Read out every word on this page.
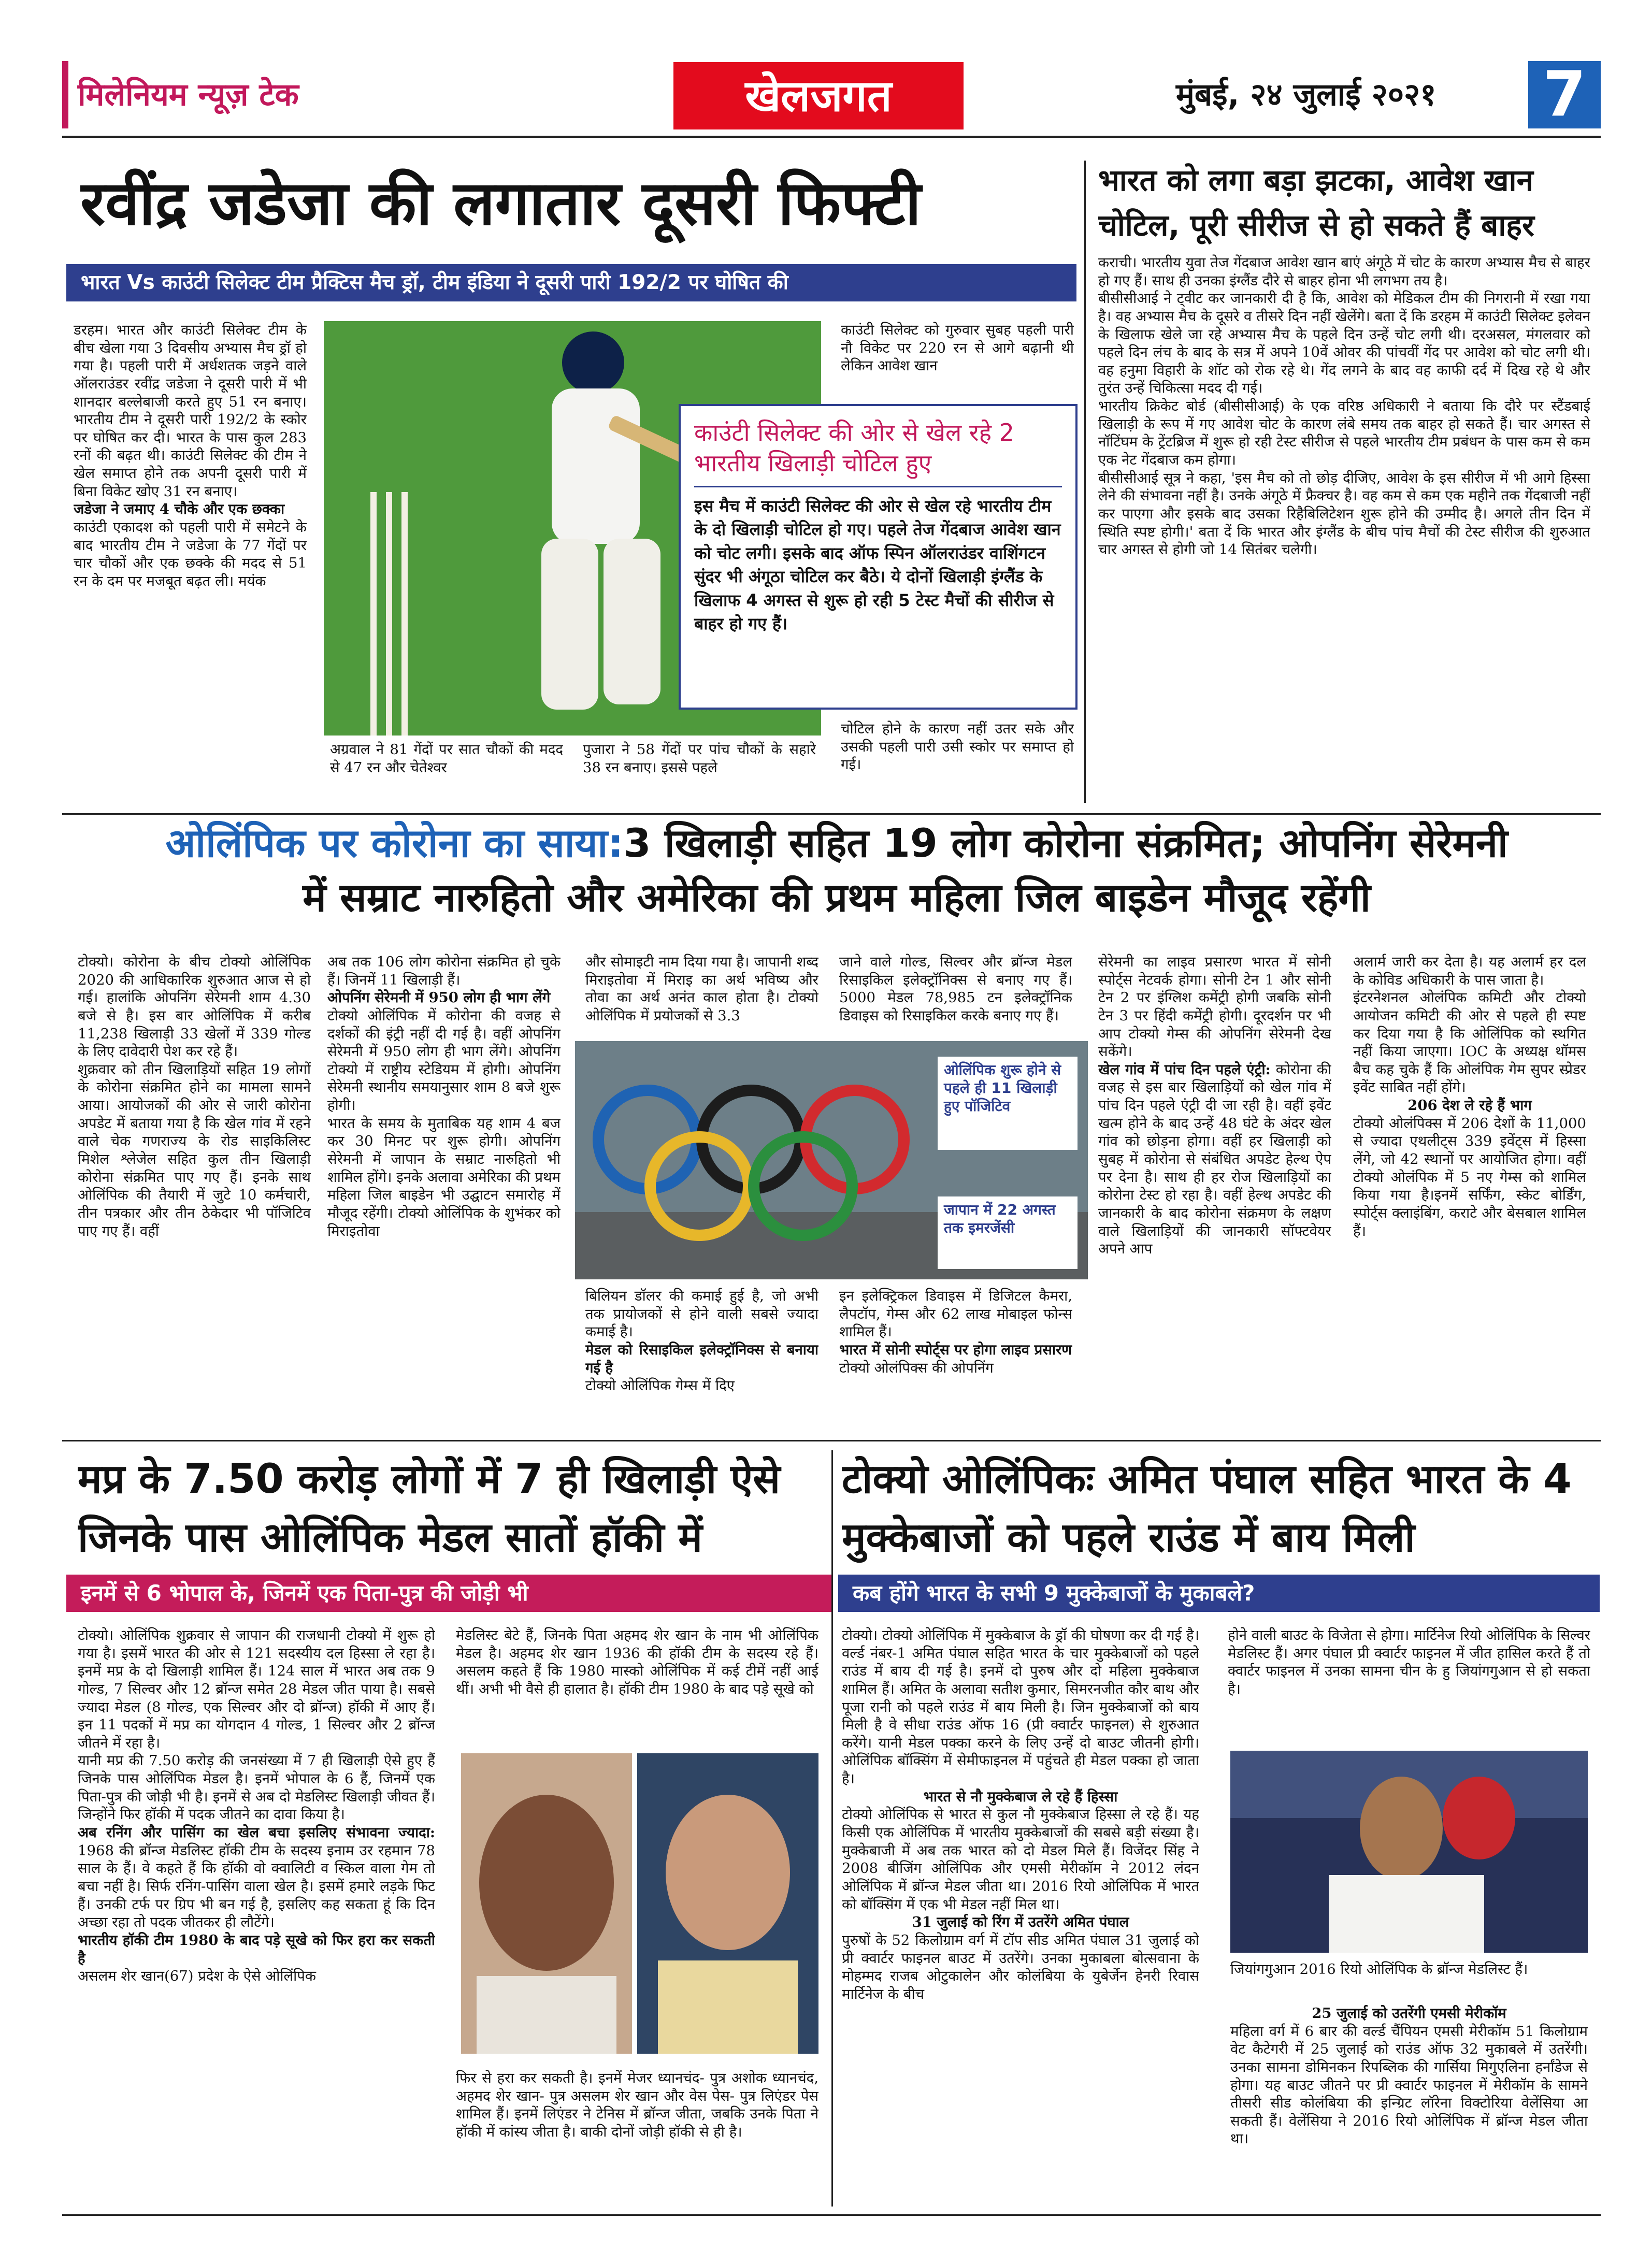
मिलेनियम न्यूज़ टेक	खेलजगत	मुंबई, २४ जुलाई २०२१	7
रवींद्र जडेजा की लगातार दूसरी फिफ्टी
भारत Vs काउंटी सिलेक्ट टीम प्रैक्टिस मैच ड्रॉ, टीम इंडिया ने दूसरी पारी 192/2 पर घोषित की

डरहम। भारत और काउंटी सिलेक्ट टीम के बीच खेला गया 3 दिवसीय अभ्यास मैच ड्रॉ हो गया है। पहली पारी में अर्धशतक जड़ने वाले ऑलराउंडर रवींद्र जडेजा ने दूसरी पारी में भी शानदार बल्लेबाजी करते हुए 51 रन बनाए। भारतीय टीम ने दूसरी पारी 192/2 के स्कोर पर घोषित कर दी। भारत के पास कुल 283 रनों की बढ़त थी। काउंटी सिलेक्ट की टीम ने खेल समाप्त होने तक अपनी दूसरी पारी में बिना विकेट खोए 31 रन बनाए।

जडेजा ने जमाए 4 चौके और एक छक्का

काउंटी एकादश को पहली पारी में समेटने के बाद भारतीय टीम ने जडेजा के 77 गेंदों पर चार चौकों और एक छक्के की मदद से 51 रन के दम पर मजबूत बढ़त ली। मयंक

अग्रवाल ने 81 गेंदों पर सात चौकों की मदद से 47 रन और चेतेश्वर
पुजारा ने 58 गेंदों पर पांच चौकों के सहारे 38 रन बनाए। इससे पहले
काउंटी सिलेक्ट को गुरुवार सुबह पहली पारी नौ विकेट पर 220 रन से आगे बढ़ानी थी लेकिन आवेश खान
काउंटी सिलेक्ट की ओर से खेल रहे 2 भारतीय खिलाड़ी चोटिल हुए
इस मैच में काउंटी सिलेक्ट की ओर से खेल रहे भारतीय टीम के दो खिलाड़ी चोटिल हो गए। पहले तेज गेंदबाज आवेश खान को चोट लगी। इसके बाद ऑफ स्पिन ऑलराउंडर वाशिंगटन सुंदर भी अंगूठा चोटिल कर बैठे। ये दोनों खिलाड़ी इंग्लैंड के खिलाफ 4 अगस्त से शुरू हो रही 5 टेस्ट मैचों की सीरीज से बाहर हो गए हैं।
चोटिल होने के कारण नहीं उतर सके और उसकी पहली पारी उसी स्कोर पर समाप्त हो गई।
भारत को लगा बड़ा झटका, आवेश खान चोटिल, पूरी सीरीज से हो सकते हैं बाहर
कराची। भारतीय युवा तेज गेंदबाज आवेश खान बाएं अंगूठे में चोट के कारण अभ्यास मैच से बाहर हो गए हैं। साथ ही उनका इंग्लैंड दौरे से बाहर होना भी लगभग तय है।
बीसीसीआई ने ट्वीट कर जानकारी दी है कि, आवेश को मेडिकल टीम की निगरानी में रखा गया है। वह अभ्यास मैच के दूसरे व तीसरे दिन नहीं खेलेंगे। बता दें कि डरहम में काउंटी सिलेक्ट इलेवन के खिलाफ खेले जा रहे अभ्यास मैच के पहले दिन उन्हें चोट लगी थी। दरअसल, मंगलवार को पहले दिन लंच के बाद के सत्र में अपने 10वें ओवर की पांचवीं गेंद पर आवेश को चोट लगी थी। वह हनुमा विहारी के शॉट को रोक रहे थे। गेंद लगने के बाद वह काफी दर्द में दिख रहे थे और तुरंत उन्हें चिकित्सा मदद दी गई।
भारतीय क्रिकेट बोर्ड (बीसीसीआई) के एक वरिष्ठ अधिकारी ने बताया कि दौरे पर स्टैंडबाई खिलाड़ी के रूप में गए आवेश चोट के कारण लंबे समय तक बाहर हो सकते हैं। चार अगस्त से नॉटिंघम के ट्रेंटब्रिज में शुरू हो रही टेस्ट सीरीज से पहले भारतीय टीम प्रबंधन के पास कम से कम एक नेट गेंदबाज कम होगा।
बीसीसीआई सूत्र ने कहा, 'इस मैच को तो छोड़ दीजिए, आवेश के इस सीरीज में भी आगे हिस्सा लेने की संभावना नहीं है। उनके अंगूठे में फ्रैक्चर है। वह कम से कम एक महीने तक गेंदबाजी नहीं कर पाएगा और इसके बाद उसका रिहैबिलिटेशन शुरू होने की उम्मीद है। अगले तीन दिन में स्थिति स्पष्ट होगी।' बता दें कि भारत और इंग्लैंड के बीच पांच मैचों की टेस्ट सीरीज की शुरुआत चार अगस्त से होगी जो 14 सितंबर चलेगी।
ओलिंपिक पर कोरोना का साया:3 खिलाड़ी सहित 19 लोग कोरोना संक्रमित; ओपनिंग सेरेमनी
में सम्राट नारुहितो और अमेरिका की प्रथम महिला जिल बाइडेन मौजूद रहेंगी
टोक्यो। कोरोना के बीच टोक्यो ओलिंपिक 2020 की आधिकारिक शुरुआत आज से हो गई। हालांकि ओपनिंग सेरेमनी शाम 4.30 बजे से है। इस बार ओलिंपिक में करीब 11,238 खिलाड़ी 33 खेलों में 339 गोल्ड के लिए दावेदारी पेश कर रहे हैं।
शुक्रवार को तीन खिलाड़ियों सहित 19 लोगों के कोरोना संक्रमित होने का मामला सामने आया। आयोजकों की ओर से जारी कोरोना अपडेट में बताया गया है कि खेल गांव में रहने वाले चेक गणराज्य के रोड साइकिलिस्ट मिशेल श्लेजेल सहित कुल तीन खिलाड़ी कोरोना संक्रमित पाए गए हैं। इनके साथ ओलिंपिक की तैयारी में जुटे 10 कर्मचारी, तीन पत्रकार और तीन ठेकेदार भी पॉजिटिव पाए गए हैं। वहीं

अब तक 106 लोग कोरोना संक्रमित हो चुके हैं। जिनमें 11 खिलाड़ी हैं।

ओपनिंग सेरेमनी में 950 लोग ही भाग लेंगे

टोक्यो ओलिंपिक में कोरोना की वजह से दर्शकों की इंट्री नहीं दी गई है। वहीं ओपनिंग सेरेमनी में 950 लोग ही भाग लेंगे। ओपनिंग टोक्यो में राष्ट्रीय स्टेडियम में होगी। ओपनिंग सेरेमनी स्थानीय समयानुसार शाम 8 बजे शुरू होगी।
भारत के समय के मुताबिक यह शाम 4 बज कर 30 मिनट पर शुरू होगी। ओपनिंग सेरेमनी में जापान के सम्राट नारुहितो भी शामिल होंगे। इनके अलावा अमेरिका की प्रथम महिला जिल बाइडेन भी उद्घाटन समारोह में मौजूद रहेंगी। टोक्यो ओलिंपिक के शुभंकर को मिराइतोवा

और सोमाइटी नाम दिया गया है। जापानी शब्द मिराइतोवा में मिराइ का अर्थ भविष्य और तोवा का अर्थ अनंत काल होता है। टोक्यो ओलिंपिक में प्रयोजकों से 3.3
जाने वाले गोल्ड, सिल्वर और ब्रॉन्ज मेडल रिसाइकिल इलेक्ट्रॉनिक्स से बनाए गए हैं। 5000 मेडल 78,985 टन इलेक्ट्रॉनिक डिवाइस को रिसाइकिल करके बनाए गए हैं।
ओलिंपिक शुरू होने से पहले ही 11 खिलाड़ी हुए पॉजिटिव
जापान में 22 अगस्त तक इमरजेंसी

बिलियन डॉलर की कमाई हुई है, जो अभी तक प्रायोजकों से होने वाली सबसे ज्यादा कमाई है।

मेडल को रिसाइकिल इलेक्ट्रॉनिक्स से बनाया गई है

टोक्यो ओलिंपिक गेम्स में दिए

इन इलेक्ट्रिकल डिवाइस में डिजिटल कैमरा, लैपटॉप, गेम्स और 62 लाख मोबाइल फोन्स शामिल हैं।

भारत में सोनी स्पोर्ट्स पर होगा लाइव प्रसारण

टोक्यो ओलंपिक्स की ओपनिंग

सेरेमनी का लाइव प्रसारण भारत में सोनी स्पोर्ट्स नेटवर्क होगा। सोनी टेन 1 और सोनी टेन 2 पर इंग्लिश कमेंट्री होगी जबकि सोनी टेन 3 पर हिंदी कमेंट्री होगी। दूरदर्शन पर भी आप टोक्यो गेम्स की ओपनिंग सेरेमनी देख सकेंगे।

खेल गांव में पांच दिन पहले एंट्री: कोरोना की वजह से इस बार खिलाड़ियों को खेल गांव में पांच दिन पहले एंट्री दी जा रही है। वहीं इवेंट खत्म होने के बाद उन्हें 48 घंटे के अंदर खेल गांव को छोड़ना होगा। वहीं हर खिलाड़ी को सुबह में कोरोना से संबंधित अपडेट हेल्थ ऐप पर देना है। साथ ही हर रोज खिलाड़ियों का कोरोना टेस्ट हो रहा है। वहीं हेल्थ अपडेट की जानकारी के बाद कोरोना संक्रमण के लक्षण वाले खिलाड़ियों की जानकारी सॉफ्टवेयर अपने आप

अलार्म जारी कर देता है। यह अलार्म हर दल के कोविड अधिकारी के पास जाता है।
इंटरनेशनल ओलंपिक कमिटी और टोक्यो आयोजन कमिटी की ओर से पहले ही स्पष्ट कर दिया गया है कि ओलिंपिक को स्थगित नहीं किया जाएगा। IOC के अध्यक्ष थॉमस बैच कह चुके हैं कि ओलंपिक गेम सुपर स्प्रेडर इवेंट साबित नहीं होंगे।

206 देश ले रहे हैं भाग

टोक्यो ओलंपिक्स में 206 देशों के 11,000 से ज्यादा एथलीट्स 339 इवेंट्स में हिस्सा लेंगे, जो 42 स्थानों पर आयोजित होगा। वहीं टोक्यो ओलंपिक में 5 नए गेम्स को शामिल किया गया है।इनमें सर्फिंग, स्केट बोर्डिंग, स्पोर्ट्स क्लाइंबिंग, कराटे और बेसबाल शामिल हैं।

मप्र के 7.50 करोड़ लोगों में 7 ही खिलाड़ी ऐसे जिनके पास ओलिंपिक मेडल सातों हॉकी में
इनमें से 6 भोपाल के, जिनमें एक पिता-पुत्र की जोड़ी भी

टोक्यो। ओलिंपिक शुक्रवार से जापान की राजधानी टोक्यो में शुरू हो गया है। इसमें भारत की ओर से 121 सदस्यीय दल हिस्सा ले रहा है। इनमें मप्र के दो खिलाड़ी शामिल हैं। 124 साल में भारत अब तक 9 गोल्ड, 7 सिल्वर और 12 ब्रॉन्ज समेत 28 मेडल जीत पाया है। सबसे ज्यादा मेडल (8 गोल्ड, एक सिल्वर और दो ब्रॉन्ज) हॉकी में आए हैं। इन 11 पदकों में मप्र का योगदान 4 गोल्ड, 1 सिल्वर और 2 ब्रॉन्ज जीतने में रहा है।
यानी मप्र की 7.50 करोड़ की जनसंख्या में 7 ही खिलाड़ी ऐसे हुए हैं जिनके पास ओलिंपिक मेडल है। इनमें भोपाल के 6 हैं, जिनमें एक पिता-पुत्र की जोड़ी भी है। इनमें से अब दो मेडलिस्ट खिलाड़ी जीवत हैं। जिन्होंने फिर हॉकी में पदक जीतने का दावा किया है।

अब रनिंग और पासिंग का खेल बचा इसलिए संभावना ज्यादा: 1968 की ब्रॉन्ज मेडलिस्ट हॉकी टीम के सदस्य इनाम उर रहमान 78 साल के हैं। वे कहते हैं कि हॉकी वो क्वालिटी व स्किल वाला गेम तो बचा नहीं है। सिर्फ रनिंग-पासिंग वाला खेल है। इसमें हमारे लड़के फिट हैं। उनकी टर्फ पर ग्रिप भी बन गई है, इसलिए कह सकता हूं कि दिन अच्छा रहा तो पदक जीतकर ही लौटेंगे।

भारतीय हॉकी टीम 1980 के बाद पड़े सूखे को फिर हरा कर सकती है

असलम शेर खान(67) प्रदेश के ऐसे ओलिंपिक

मेडलिस्ट बेटे हैं, जिनके पिता अहमद शेर खान के नाम भी ओलिंपिक मेडल है। अहमद शेर खान 1936 की हॉकी टीम के सदस्य रहे हैं। असलम कहते हैं कि 1980 मास्को ओलिंपिक में कई टीमें नहीं आई थीं। अभी भी वैसे ही हालात है। हॉकी टीम 1980 के बाद पड़े सूखे को
फिर से हरा कर सकती है। इनमें मेजर ध्यानचंद- पुत्र अशोक ध्यानचंद, अहमद शेर खान- पुत्र असलम शेर खान और वेस पेस- पुत्र लिएंडर पेस शामिल हैं। इनमें लिएंडर ने टेनिस में ब्रॉन्ज जीता, जबकि उनके पिता ने हॉकी में कांस्य जीता है। बाकी दोनों जोड़ी हॉकी से ही है।
टोक्यो ओलिंपिकः अमित पंघाल सहित भारत के 4 मुक्केबाजों को पहले राउंड में बाय मिली
कब होंगे भारत के सभी 9 मुक्केबाजों के मुकाबले?

टोक्यो। टोक्यो ओलिंपिक में मुक्केबाज के ड्रॉ की घोषणा कर दी गई है। वर्ल्ड नंबर-1 अमित पंघाल सहित भारत के चार मुक्केबाजों को पहले राउंड में बाय दी गई है। इनमें दो पुरुष और दो महिला मुक्केबाज शामिल हैं। अमित के अलावा सतीश कुमार, सिमरनजीत कौर बाथ और पूजा रानी को पहले राउंड में बाय मिली है। जिन मुक्केबाजों को बाय मिली है वे सीधा राउंड ऑफ 16 (प्री क्वार्टर फाइनल) से शुरुआत करेंगे। यानी मेडल पक्का करने के लिए उन्हें दो बाउट जीतनी होगी। ओलिंपिक बॉक्सिंग में सेमीफाइनल में पहुंचते ही मेडल पक्का हो जाता है।

भारत से नौ मुक्केबाज ले रहे हैं हिस्सा

टोक्यो ओलिंपिक से भारत से कुल नौ मुक्केबाज हिस्सा ले रहे हैं। यह किसी एक ओलिंपिक में भारतीय मुक्केबाजों की सबसे बड़ी संख्या है। मुक्केबाजी में अब तक भारत को दो मेडल मिले हैं। विजेंदर सिंह ने 2008 बीजिंग ओलिंपिक और एमसी मेरीकॉम ने 2012 लंदन ओलिंपिक में ब्रॉन्ज मेडल जीता था। 2016 रियो ओलिंपिक में भारत को बॉक्सिंग में एक भी मेडल नहीं मिल था।

31 जुलाई को रिंग में उतरेंगे अमित पंघाल

पुरुषों के 52 किलोग्राम वर्ग में टॉप सीड अमित पंघाल 31 जुलाई को प्री क्वार्टर फाइनल बाउट में उतरेंगे। उनका मुकाबला बोत्सवाना के मोहम्मद राजब ओटुकालेन और कोलंबिया के युबेर्जेन हेनरी रिवास मार्टिनेज के बीच

होने वाली बाउट के विजेता से होगा। मार्टिनेज रियो ओलिंपिक के सिल्वर मेडलिस्ट हैं। अगर पंघाल प्री क्वार्टर फाइनल में जीत हासिल करते हैं तो क्वार्टर फाइनल में उनका सामना चीन के हु जियांगगुआन से हो सकता है।
जियांगगुआन 2016 रियो ओलिंपिक के ब्रॉन्ज मेडलिस्ट हैं।

25 जुलाई को उतरेंगी एमसी मेरीकॉम

महिला वर्ग में 6 बार की वर्ल्ड चैंपियन एमसी मेरीकॉम 51 किलोग्राम वेट कैटेगरी में 25 जुलाई को राउंड ऑफ 32 मुकाबले में उतरेंगी। उनका सामना डोमिनकन रिपब्लिक की गार्सिया मिगुएलिना हर्नांडेज से होगा। यह बाउट जीतने पर प्री क्वार्टर फाइनल में मेरीकॉम के सामने तीसरी सीड कोलंबिया की इन्ग्रिट लॉरेना विक्टोरिया वेलेंसिया आ सकती हैं। वेलेंसिया ने 2016 रियो ओलिंपिक में ब्रॉन्ज मेडल जीता था।
